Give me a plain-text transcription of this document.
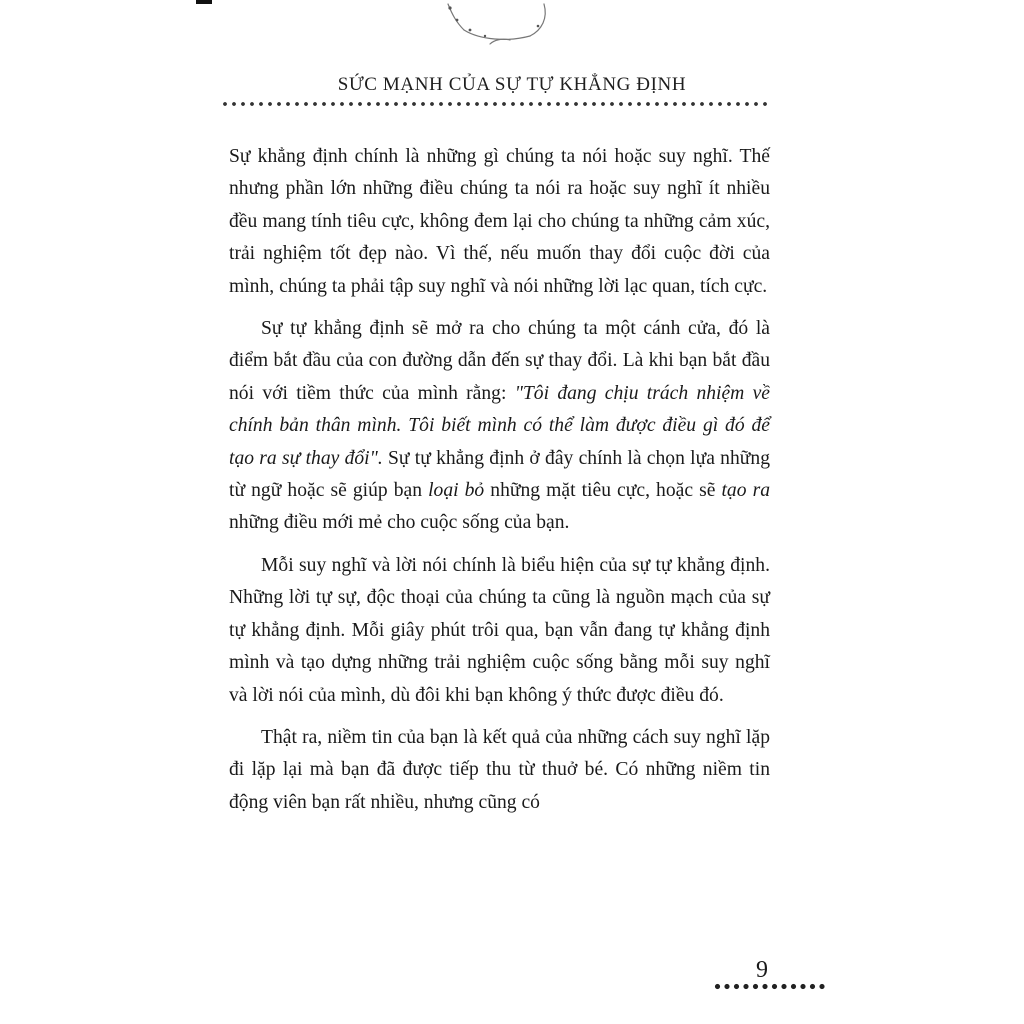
SỨC MẠNH CỦA SỰ TỰ KHẲNG ĐỊNH

Sự khẳng định chính là những gì chúng ta nói hoặc suy nghĩ. Thế nhưng phần lớn những điều chúng ta nói ra hoặc suy nghĩ ít nhiều đều mang tính tiêu cực, không đem lại cho chúng ta những cảm xúc, trải nghiệm tốt đẹp nào. Vì thế, nếu muốn thay đổi cuộc đời của mình, chúng ta phải tập suy nghĩ và nói những lời lạc quan, tích cực.

Sự tự khẳng định sẽ mở ra cho chúng ta một cánh cửa, đó là điểm bắt đầu của con đường dẫn đến sự thay đổi. Là khi bạn bắt đầu nói với tiềm thức của mình rằng: "Tôi đang chịu trách nhiệm về chính bản thân mình. Tôi biết mình có thể làm được điều gì đó để tạo ra sự thay đổi". Sự tự khẳng định ở đây chính là chọn lựa những từ ngữ hoặc sẽ giúp bạn loại bỏ những mặt tiêu cực, hoặc sẽ tạo ra những điều mới mẻ cho cuộc sống của bạn.

Mỗi suy nghĩ và lời nói chính là biểu hiện của sự tự khẳng định. Những lời tự sự, độc thoại của chúng ta cũng là nguồn mạch của sự tự khẳng định. Mỗi giây phút trôi qua, bạn vẫn đang tự khẳng định mình và tạo dựng những trải nghiệm cuộc sống bằng mỗi suy nghĩ và lời nói của mình, dù đôi khi bạn không ý thức được điều đó.

Thật ra, niềm tin của bạn là kết quả của những cách suy nghĩ lặp đi lặp lại mà bạn đã được tiếp thu từ thuở bé. Có những niềm tin động viên bạn rất nhiều, nhưng cũng có

9
